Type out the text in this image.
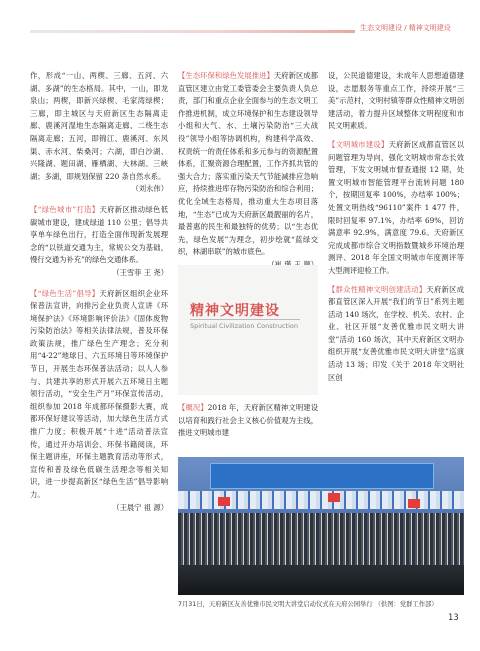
生态文明建设 / 精神文明建设

作，形成“一山、两楔、三廊、五河、六湖、多湖”的生态格局。其中，一山，即龙泉山；两楔，即新兴绿楔、毛家湾绿楔；三廊，即主城区与天府新区生态隔离走廊、鹿溪河湿地生态隔离走廊、二绕生态隔离走廊；五河，即锦江、鹿溪河、东风渠、赤水河、柴桑河；六湖，即白沙湖、兴隆湖、题田湖、雁栖湖、大林湖、三峡湖；多湖，即规划保留 220 条自然水系。

（刘永伟）

【“绿色城市”打造】天府新区推动绿色低碳城市建设，建成绿道 110 公里；倡导共享单车绿色出行，打造全面伟现新发展理念的“以铁道交通为主，常规公交为基础，慢行交通为补充”的绿色交通体系。

（王雪菲 王 尧）

【“绿色生活”倡导】天府新区组织企业环保普法宣讲，向排污企业负责人宣讲《环境保护法》《环境影响评价法》《固体废物污染防治法》等相关法律法规，普及环保政策法规，推广绿色生产理念；充分利用“4·22”地球日、六五环境日等环境保护节日，开展生态环保普法活动；以人人参与、共建共享的形式开展六五环境日主题领行活动，“安全生产月”环保宣传活动，组织参加 2018 年成都环保摄影大赛，成都环保好建议等活动，加大绿色生活方式推广力度；积极开展“十进”活动普法宣传，通过开办培训会、环保书籍阅读，环保主题讲座，环保主题教育活动等形式，宣传和普及绿色低碳生活理念等相关知识，进一步提高新区“绿色生活”倡导影响力。

（王晨宁 祖 源）

【生态环保和绿色发展推进】天府新区成都直管区建立由党工委管委会主要负责人负总责，部门和重点企业全面参与的生态文明工作推进机制，成立环境保护和生态建设领导小组和大气、水、土壤污染防治“三大战役”领导小组等协调机构，构建科学高效、权责统一的责任体系和多元参与的资源配置体系，汇聚资源合理配置，工作齐抓共管的强大合力；落实重污染天气节能减排应急响应，持续推进库存物污染防治和综合利用；优化全域生态格局，推动重大生态项目落地，“生态”已成为天府新区最靓丽的名片，最普惠的民生和最独特的优势；以“生态优先，绿色发展”为理念，初步绘就“蓝绿交织，林湖串联”的城市底色。

精神文明建设
Spiritual Civilization Construction

【概况】2018 年，天府新区精神文明建设以培育和践行社会主义核心价值观为主线，推进文明城市建

设，公民道德建设，未成年人思想道德建设，志愿服务等重点工作，持续开展“三美”示范村，文明村镇等群众性精神文明创建活动，着力提升区域整体文明程度和市民文明素质。

【文明城市建设】天府新区成都直管区以问题管理为导向，强化文明城市常态长效管理，下发文明城市督查通报 12 期，处置文明城市智能管理平台流转问题 180 个，按期回复率 100%，办结率 100%；处置文明热线“96110”案件 1 477 件，限时回复率 97.1%，办结率 69%，回访满意率 92.9%，满意度 79.6。天府新区完成成都市综合文明指数暨城乡环境治理测评、2018 年全国文明城市年度测评等大型测评迎检工作。

【群众性精神文明创建活动】天府新区成都直管区深入开展“我们的节日”系列主题活动 140 场次，在学校、机关、农村、企业、社区开展“友善优雅市民文明大讲堂”活动 160 场次，其中天府新区文明办组织开展“友善优雅市民文明大讲堂”巡演活动 13 场；印发《关于 2018 年文明社区创

7月31日，天府新区友善优雅市民文明大讲堂启动仪式在天府公园举行 （供图：党群工作部）
13
